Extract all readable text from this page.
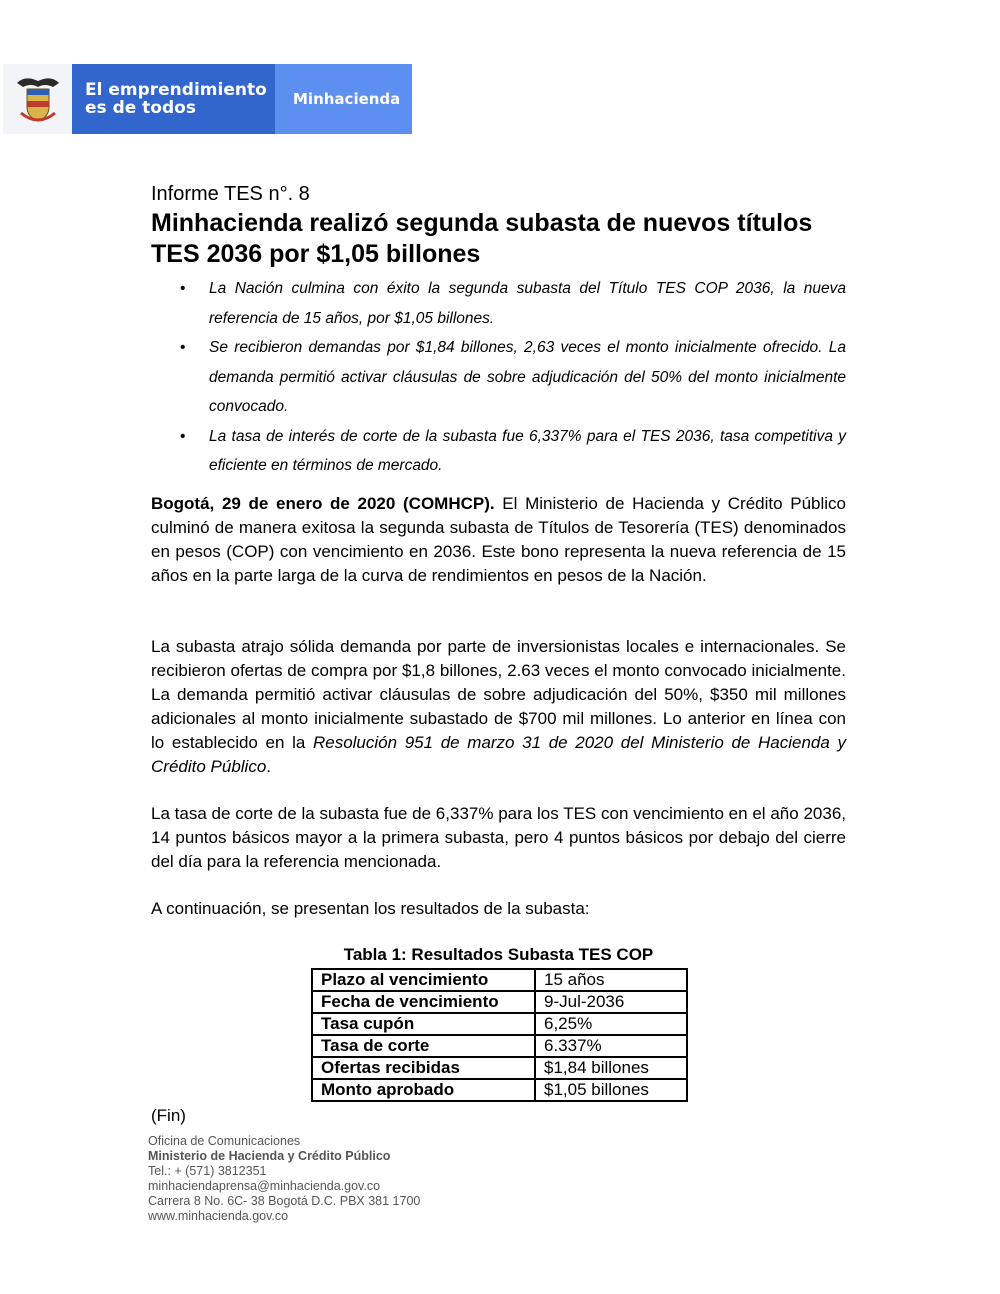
El emprendimiento
es de todos	Minhacienda
Informe TES n°. 8
Minhacienda realizó segunda subasta de nuevos títulos TES 2036 por $1,05 billones
• La Nación culmina con éxito la segunda subasta del Título TES COP 2036, la nueva referencia de 15 años, por $1,05 billones.
• Se recibieron demandas por $1,84 billones, 2,63 veces el monto inicialmente ofrecido. La demanda permitió activar cláusulas de sobre adjudicación del 50% del monto inicialmente convocado.
• La tasa de interés de corte de la subasta fue 6,337% para el TES 2036, tasa competitiva y eficiente en términos de mercado.

Bogotá, 29 de enero de 2020 (COMHCP). El Ministerio de Hacienda y Crédito Público culminó de manera exitosa la segunda subasta de Títulos de Tesorería (TES) denominados en pesos (COP) con vencimiento en 2036. Este bono representa la nueva referencia de 15 años en la parte larga de la curva de rendimientos en pesos de la Nación.

La subasta atrajo sólida demanda por parte de inversionistas locales e internacionales. Se recibieron ofertas de compra por $1,8 billones, 2.63 veces el monto convocado inicialmente. La demanda permitió activar cláusulas de sobre adjudicación del 50%, $350 mil millones adicionales al monto inicialmente subastado de $700 mil millones. Lo anterior en línea con lo establecido en la Resolución 951 de marzo 31 de 2020 del Ministerio de Hacienda y Crédito Público.

La tasa de corte de la subasta fue de 6,337% para los TES con vencimiento en el año 2036, 14 puntos básicos mayor a la primera subasta, pero 4 puntos básicos por debajo del cierre del día para la referencia mencionada.

A continuación, se presentan los resultados de la subasta:

Tabla 1: Resultados Subasta TES COP
Plazo al vencimiento	15 años
Fecha de vencimiento	9-Jul-2036
Tasa cupón	6,25%
Tasa de corte	6.337%
Ofertas recibidas	$1,84 billones
Monto aprobado	$1,05 billones
(Fin)
Oficina de Comunicaciones
Ministerio de Hacienda y Crédito Público
Tel.: + (571) 3812351
minhaciendaprensa@minhacienda.gov.co
Carrera 8 No. 6C- 38 Bogotá D.C. PBX 381 1700
www.minhacienda.gov.co
